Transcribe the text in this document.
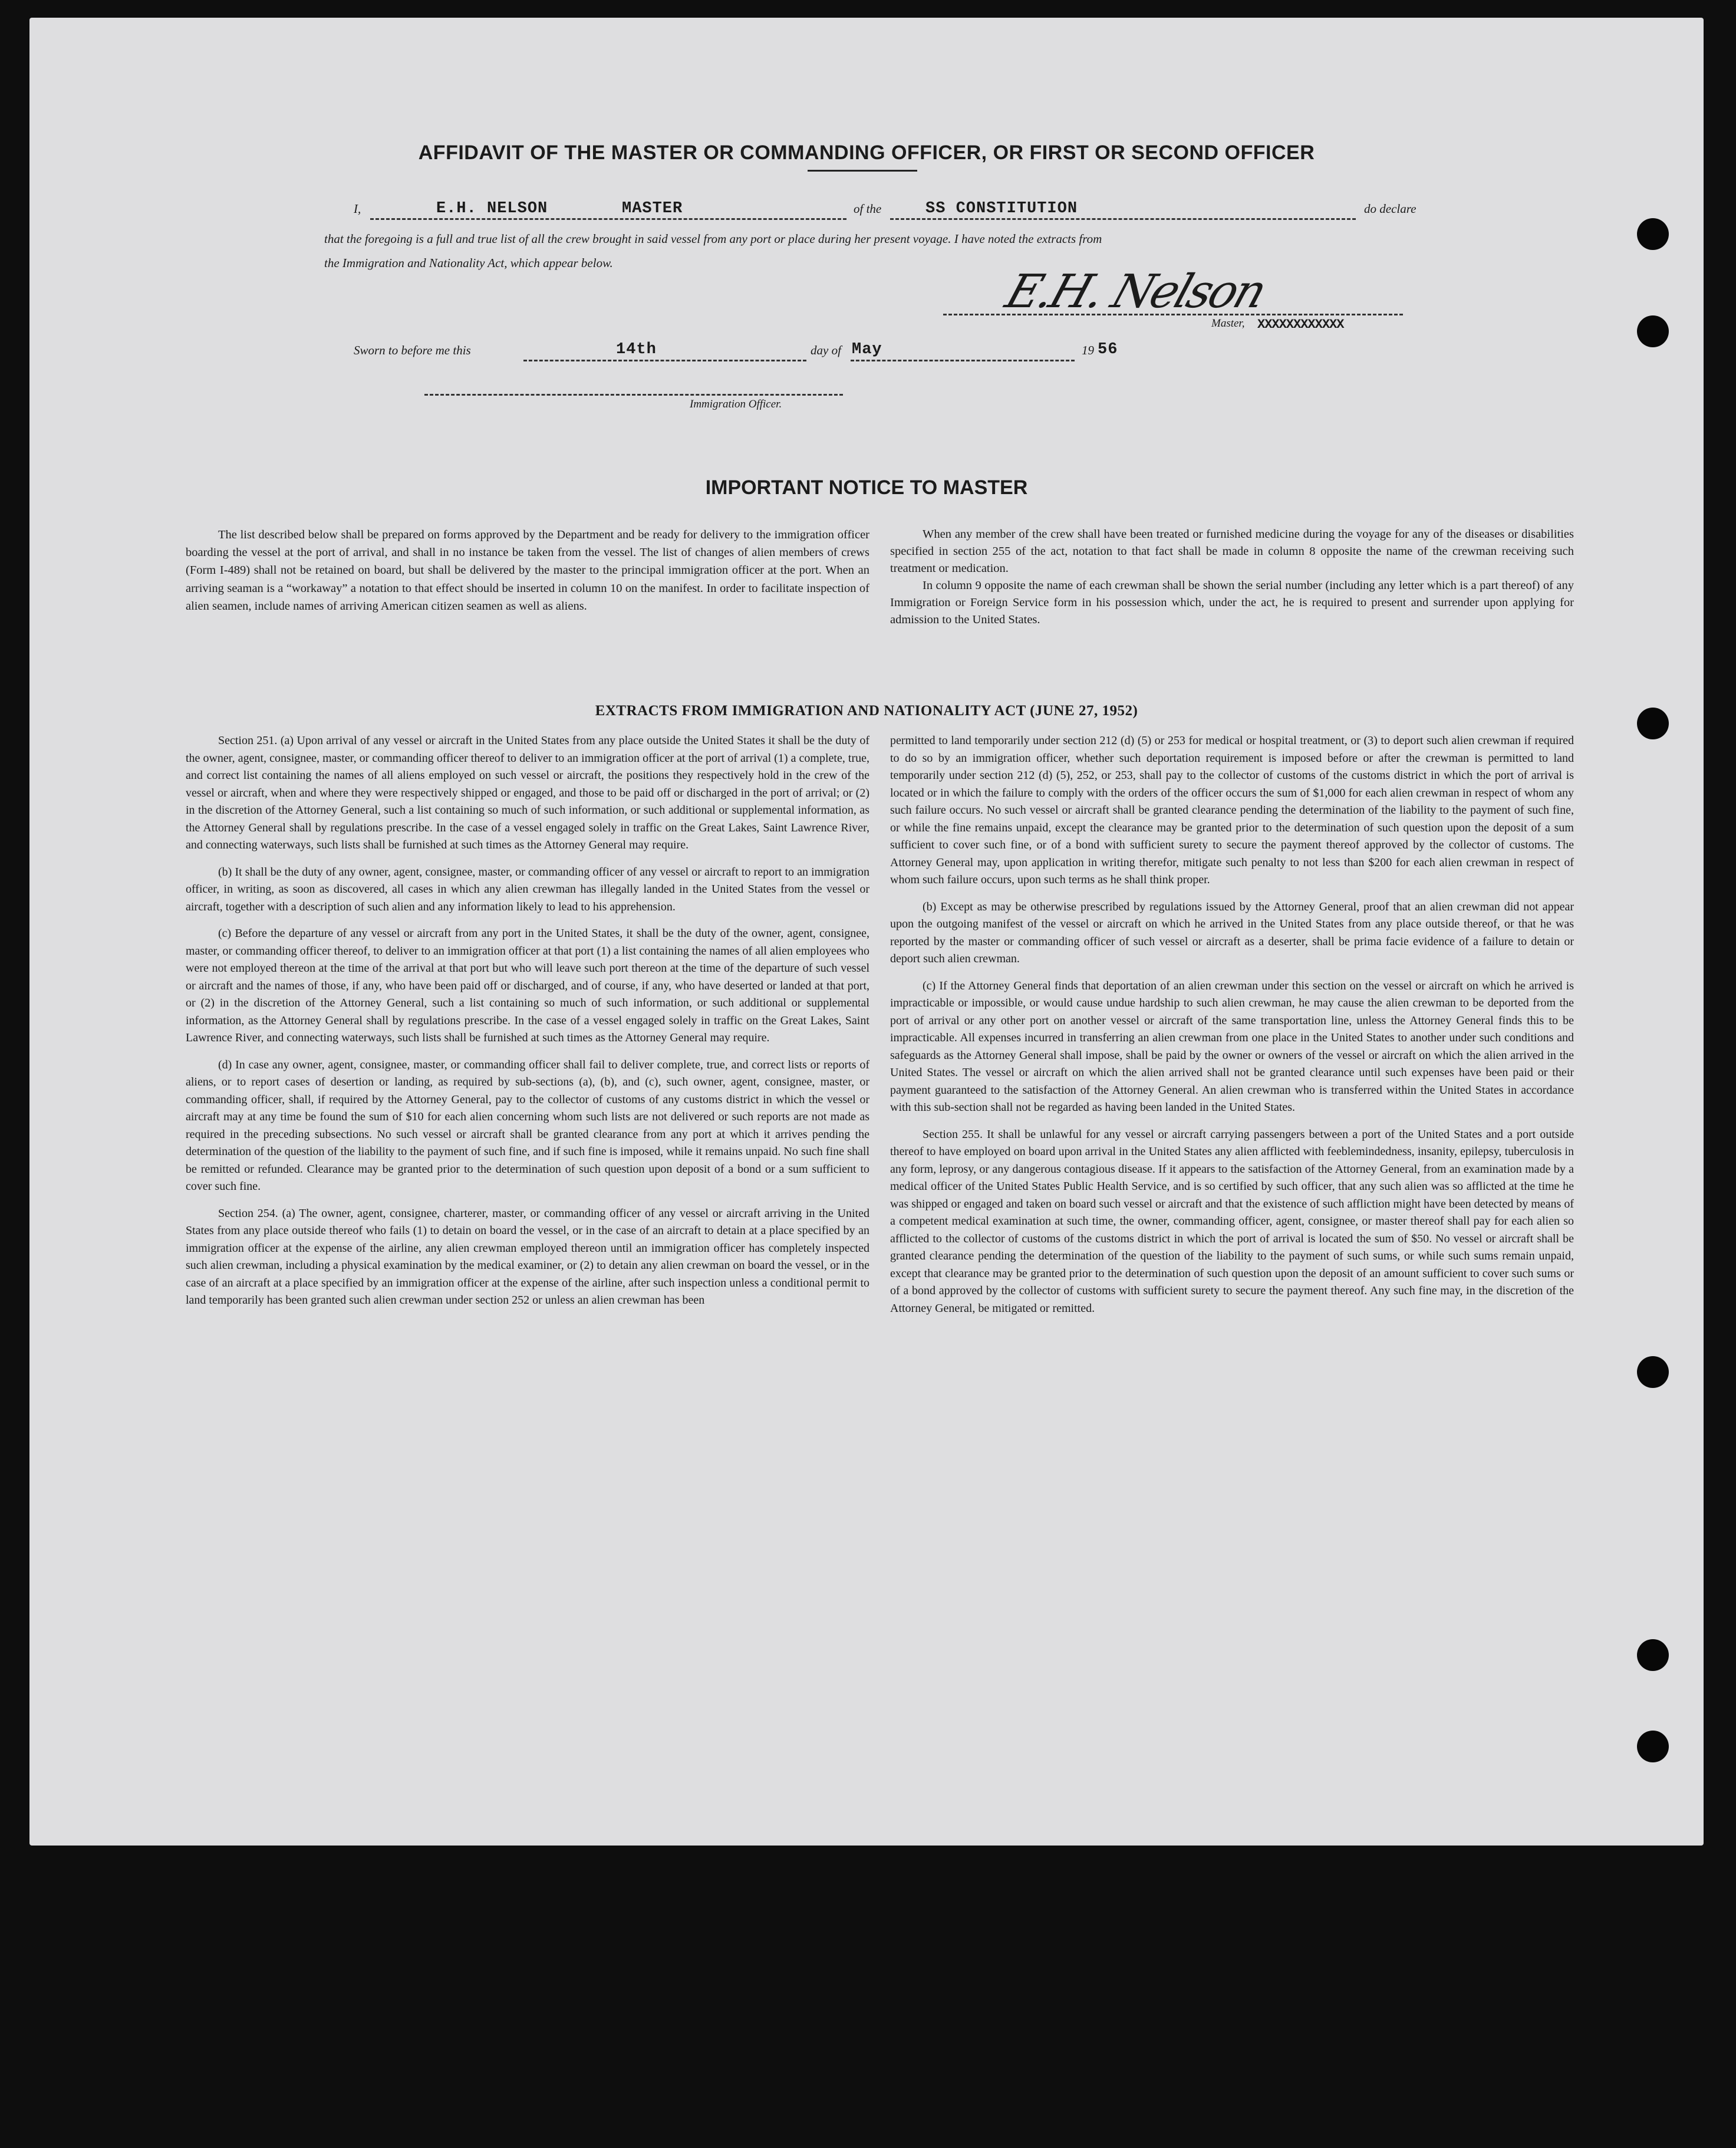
AFFIDAVIT OF THE MASTER OR COMMANDING OFFICER, OR FIRST OR SECOND OFFICER
I,	E.H. NELSON	MASTER	of the	SS CONSTITUTION	do declare
that the foregoing is a full and true list of all the crew brought in said vessel from any port or place during her present voyage. I have noted the extracts from
the Immigration and Nationality Act, which appear below.
E.H. Nelson
Master, XXXXXXXXXXXX
Sworn to before me this	14th	day of May	19 56
Immigration Officer.
IMPORTANT NOTICE TO MASTER

The list described below shall be prepared on forms approved by the Department and be ready for delivery to the immigration officer boarding the vessel at the port of arrival, and shall in no instance be taken from the vessel. The list of changes of alien members of crews (Form I-489) shall not be retained on board, but shall be delivered by the master to the principal immigration officer at the port. When an arriving seaman is a “workaway” a notation to that effect should be inserted in column 10 on the manifest. In order to facilitate inspection of alien seamen, include names of arriving American citizen seamen as well as aliens.

When any member of the crew shall have been treated or furnished medicine during the voyage for any of the diseases or disabilities specified in section 255 of the act, notation to that fact shall be made in column 8 opposite the name of the crewman receiving such treatment or medication.

In column 9 opposite the name of each crewman shall be shown the serial number (including any letter which is a part thereof) of any Immigration or Foreign Service form in his possession which, under the act, he is required to present and surrender upon applying for admission to the United States.

EXTRACTS FROM IMMIGRATION AND NATIONALITY ACT (JUNE 27, 1952)

Section 251. (a) Upon arrival of any vessel or aircraft in the United States from any place outside the United States it shall be the duty of the owner, agent, consignee, master, or commanding officer thereof to deliver to an immigration officer at the port of arrival (1) a complete, true, and correct list containing the names of all aliens employed on such vessel or aircraft, the positions they respectively hold in the crew of the vessel or aircraft, when and where they were respectively shipped or engaged, and those to be paid off or discharged in the port of arrival; or (2) in the discretion of the Attorney General, such a list containing so much of such information, or such additional or supplemental information, as the Attorney General shall by regulations prescribe. In the case of a vessel engaged solely in traffic on the Great Lakes, Saint Lawrence River, and connecting waterways, such lists shall be furnished at such times as the Attorney General may require.

(b) It shall be the duty of any owner, agent, consignee, master, or commanding officer of any vessel or aircraft to report to an immigration officer, in writing, as soon as discovered, all cases in which any alien crewman has illegally landed in the United States from the vessel or aircraft, together with a description of such alien and any information likely to lead to his apprehension.

(c) Before the departure of any vessel or aircraft from any port in the United States, it shall be the duty of the owner, agent, consignee, master, or commanding officer thereof, to deliver to an immigration officer at that port (1) a list containing the names of all alien employees who were not employed thereon at the time of the arrival at that port but who will leave such port thereon at the time of the departure of such vessel or aircraft and the names of those, if any, who have been paid off or discharged, and of course, if any, who have deserted or landed at that port, or (2) in the discretion of the Attorney General, such a list containing so much of such information, or such additional or supplemental information, as the Attorney General shall by regulations prescribe. In the case of a vessel engaged solely in traffic on the Great Lakes, Saint Lawrence River, and connecting waterways, such lists shall be furnished at such times as the Attorney General may require.

(d) In case any owner, agent, consignee, master, or commanding officer shall fail to deliver complete, true, and correct lists or reports of aliens, or to report cases of desertion or landing, as required by sub-sections (a), (b), and (c), such owner, agent, consignee, master, or commanding officer, shall, if required by the Attorney General, pay to the collector of customs of any customs district in which the vessel or aircraft may at any time be found the sum of $10 for each alien concerning whom such lists are not delivered or such reports are not made as required in the preceding subsections. No such vessel or aircraft shall be granted clearance from any port at which it arrives pending the determination of the question of the liability to the payment of such fine, and if such fine is imposed, while it remains unpaid. No such fine shall be remitted or refunded. Clearance may be granted prior to the determination of such question upon deposit of a bond or a sum sufficient to cover such fine.

Section 254. (a) The owner, agent, consignee, charterer, master, or commanding officer of any vessel or aircraft arriving in the United States from any place outside thereof who fails (1) to detain on board the vessel, or in the case of an aircraft to detain at a place specified by an immigration officer at the expense of the airline, any alien crewman employed thereon until an immigration officer has completely inspected such alien crewman, including a physical examination by the medical examiner, or (2) to detain any alien crewman on board the vessel, or in the case of an aircraft at a place specified by an immigration officer at the expense of the airline, after such inspection unless a conditional permit to land temporarily has been granted such alien crewman under section 252 or unless an alien crewman has been

permitted to land temporarily under section 212 (d) (5) or 253 for medical or hospital treatment, or (3) to deport such alien crewman if required to do so by an immigration officer, whether such deportation requirement is imposed before or after the crewman is permitted to land temporarily under section 212 (d) (5), 252, or 253, shall pay to the collector of customs of the customs district in which the port of arrival is located or in which the failure to comply with the orders of the officer occurs the sum of $1,000 for each alien crewman in respect of whom any such failure occurs. No such vessel or aircraft shall be granted clearance pending the determination of the liability to the payment of such fine, or while the fine remains unpaid, except the clearance may be granted prior to the determination of such question upon the deposit of a sum sufficient to cover such fine, or of a bond with sufficient surety to secure the payment thereof approved by the collector of customs. The Attorney General may, upon application in writing therefor, mitigate such penalty to not less than $200 for each alien crewman in respect of whom such failure occurs, upon such terms as he shall think proper.

(b) Except as may be otherwise prescribed by regulations issued by the Attorney General, proof that an alien crewman did not appear upon the outgoing manifest of the vessel or aircraft on which he arrived in the United States from any place outside thereof, or that he was reported by the master or commanding officer of such vessel or aircraft as a deserter, shall be prima facie evidence of a failure to detain or deport such alien crewman.

(c) If the Attorney General finds that deportation of an alien crewman under this section on the vessel or aircraft on which he arrived is impracticable or impossible, or would cause undue hardship to such alien crewman, he may cause the alien crewman to be deported from the port of arrival or any other port on another vessel or aircraft of the same transportation line, unless the Attorney General finds this to be impracticable. All expenses incurred in transferring an alien crewman from one place in the United States to another under such conditions and safeguards as the Attorney General shall impose, shall be paid by the owner or owners of the vessel or aircraft on which the alien arrived in the United States. The vessel or aircraft on which the alien arrived shall not be granted clearance until such expenses have been paid or their payment guaranteed to the satisfaction of the Attorney General. An alien crewman who is transferred within the United States in accordance with this sub-section shall not be regarded as having been landed in the United States.

Section 255. It shall be unlawful for any vessel or aircraft carrying passengers between a port of the United States and a port outside thereof to have employed on board upon arrival in the United States any alien afflicted with feeblemindedness, insanity, epilepsy, tuberculosis in any form, leprosy, or any dangerous contagious disease. If it appears to the satisfaction of the Attorney General, from an examination made by a medical officer of the United States Public Health Service, and is so certified by such officer, that any such alien was so afflicted at the time he was shipped or engaged and taken on board such vessel or aircraft and that the existence of such affliction might have been detected by means of a competent medical examination at such time, the owner, commanding officer, agent, consignee, or master thereof shall pay for each alien so afflicted to the collector of customs of the customs district in which the port of arrival is located the sum of $50. No vessel or aircraft shall be granted clearance pending the determination of the question of the liability to the payment of such sums, or while such sums remain unpaid, except that clearance may be granted prior to the determination of such question upon the deposit of an amount sufficient to cover such sums or of a bond approved by the collector of customs with sufficient surety to secure the payment thereof. Any such fine may, in the discretion of the Attorney General, be mitigated or remitted.
